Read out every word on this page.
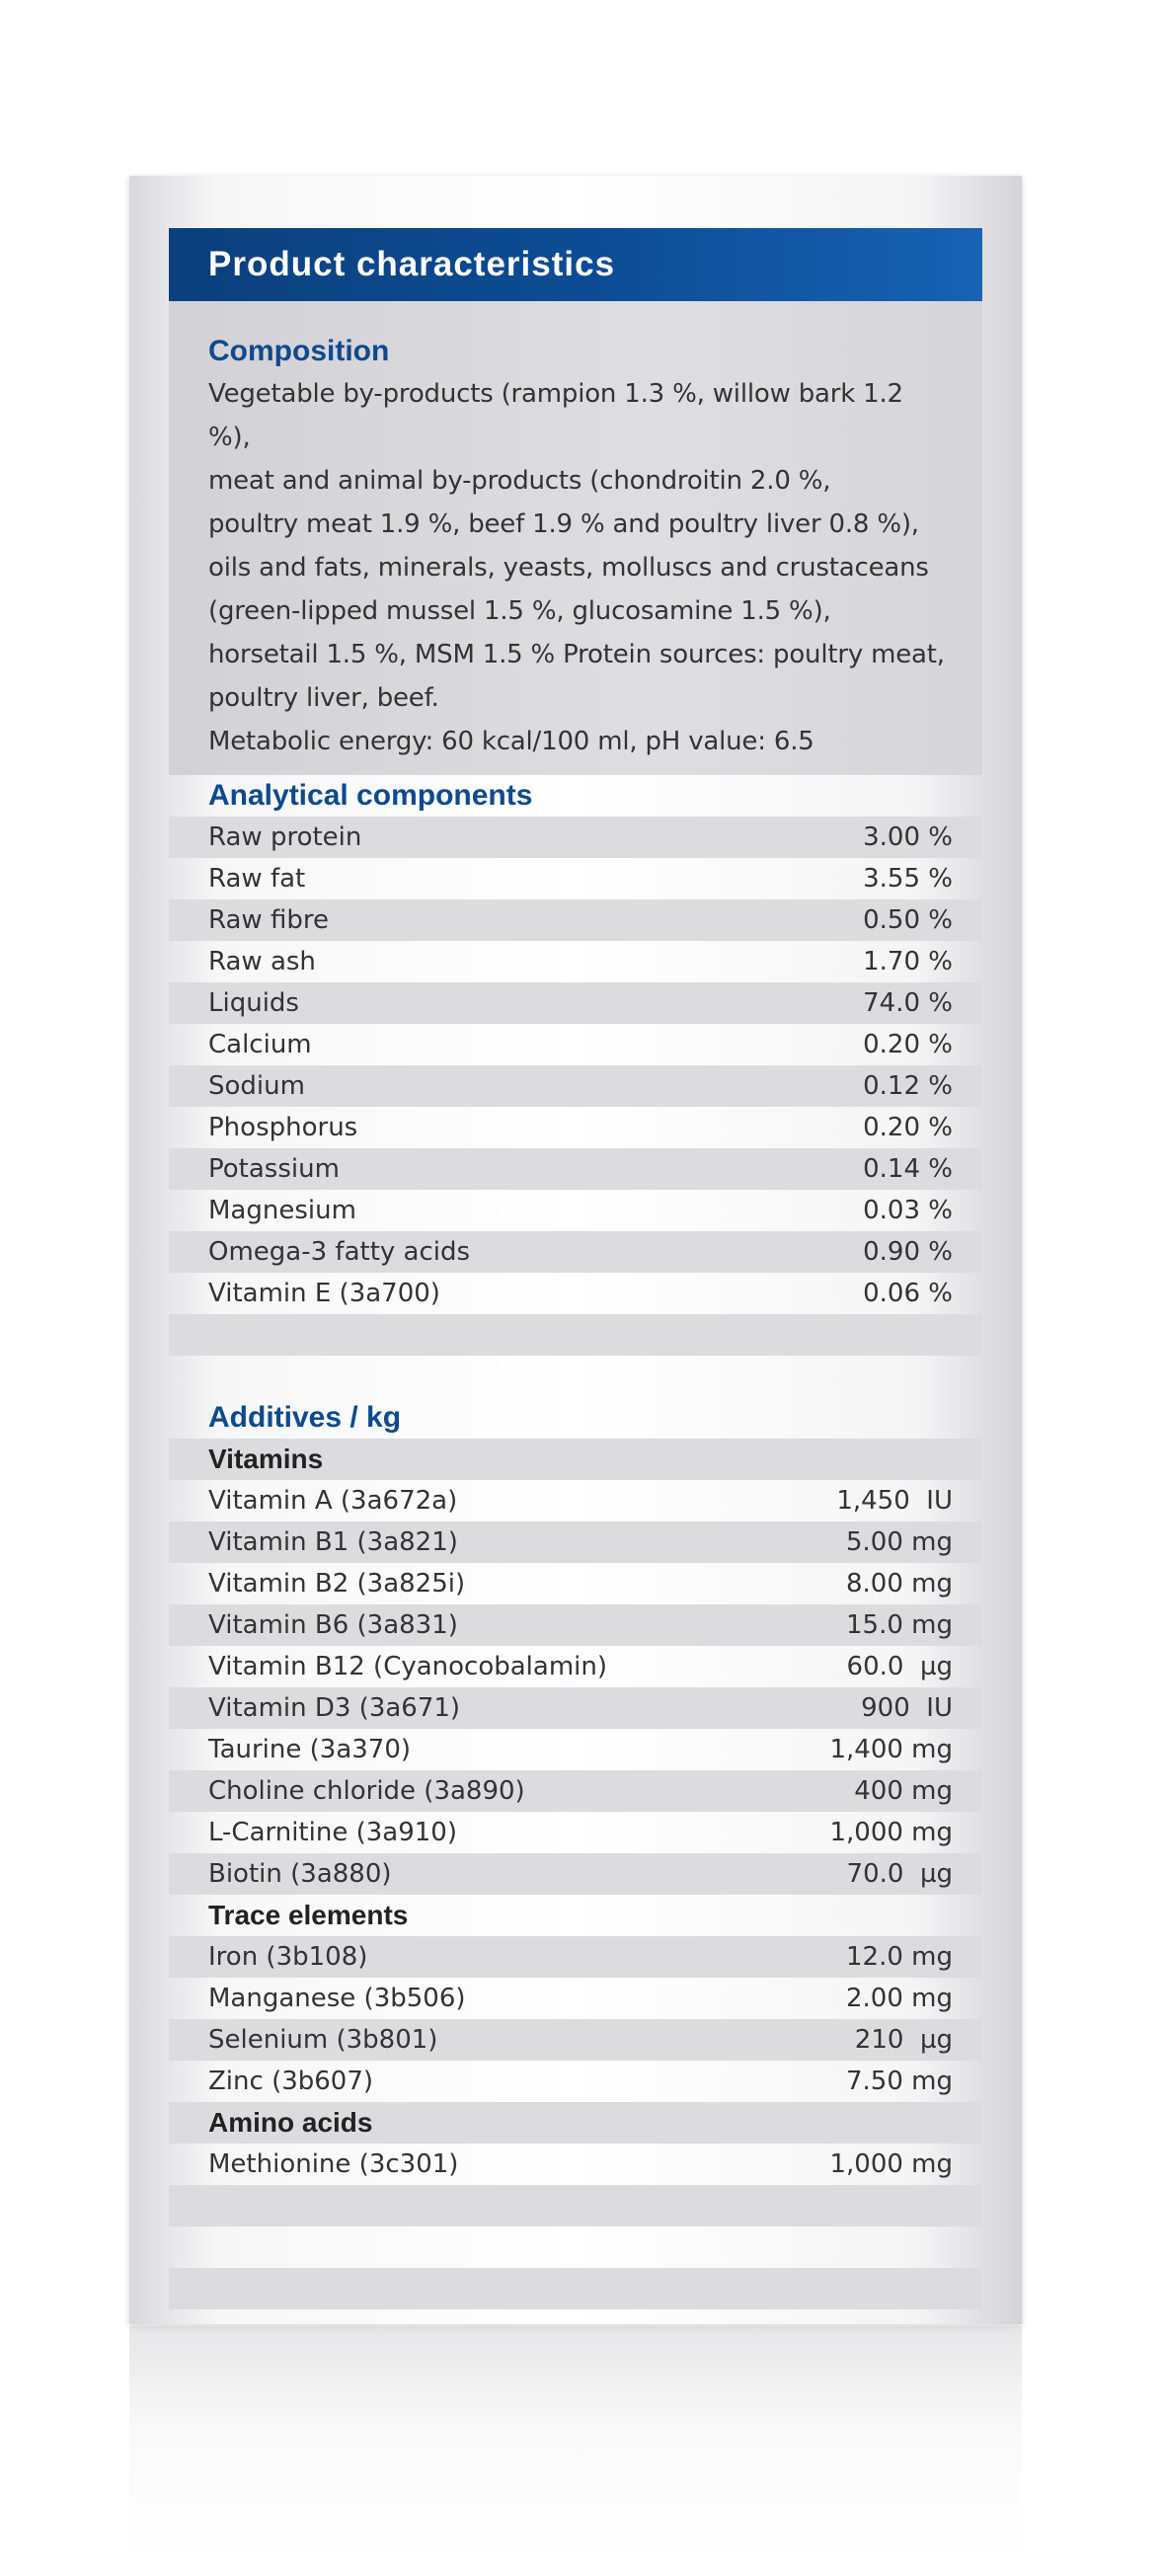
Product characteristics
Composition
Vegetable by-products (rampion 1.3 %, willow bark 1.2 %),
meat and animal by-products (chondroitin 2.0 %,
poultry meat 1.9 %, beef 1.9 % and poultry liver 0.8 %),
oils and fats, minerals, yeasts, molluscs and crustaceans
(green-lipped mussel 1.5 %, glucosamine 1.5 %),
horsetail 1.5 %, MSM 1.5 % Protein sources: poultry meat,
poultry liver, beef.
Metabolic energy: 60 kcal/100 ml, pH value: 6.5
Analytical components
Raw protein	3.00 %
Raw fat	3.55 %
Raw fibre	0.50 %
Raw ash	1.70 %
Liquids	74.0 %
Calcium	0.20 %
Sodium	0.12 %
Phosphorus	0.20 %
Potassium	0.14 %
Magnesium	0.03 %
Omega-3 fatty acids	0.90 %
Vitamin E (3a700)	0.06 %
Additives / kg
Vitamins
Vitamin A (3a672a)	1,450  IU
Vitamin B1 (3a821)	5.00 mg
Vitamin B2 (3a825i)	8.00 mg
Vitamin B6 (3a831)	15.0 mg
Vitamin B12 (Cyanocobalamin)	60.0  µg
Vitamin D3 (3a671)	900  IU
Taurine (3a370)	1,400 mg
Choline chloride (3a890)	400 mg
L-Carnitine (3a910)	1,000 mg
Biotin (3a880)	70.0  µg
Trace elements
Iron (3b108)	12.0 mg
Manganese (3b506)	2.00 mg
Selenium (3b801)	210  µg
Zinc (3b607)	7.50 mg
Amino acids
Methionine (3c301)	1,000 mg
